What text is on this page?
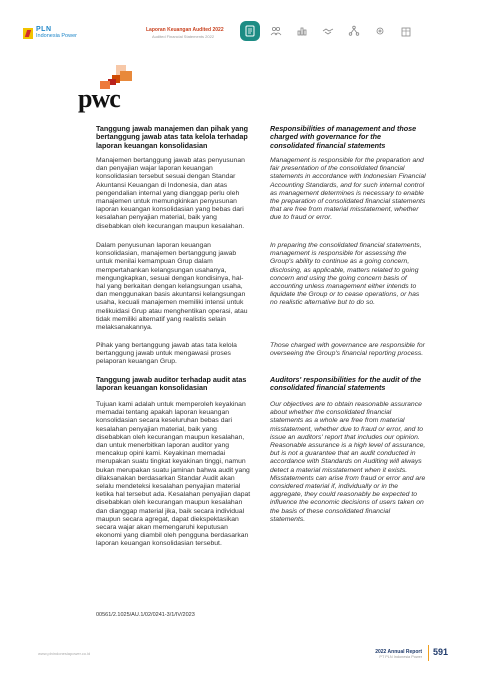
PLN
Indonesia Power
Laporan Keuangan Audited 2022
Audited Financial Statements 2022
pwc
Tanggung jawab manajemen dan pihak yang bertanggung jawab atas tata kelola terhadap laporan keuangan konsolidasian
Responsibilities of management and those charged with governance for the consolidated financial statements
Manajemen bertanggung jawab atas penyusunan dan penyajian wajar laporan keuangan konsolidasian tersebut sesuai dengan Standar Akuntansi Keuangan di Indonesia, dan atas pengendalian internal yang dianggap perlu oleh manajemen untuk memungkinkan penyusunan laporan keuangan konsolidasian yang bebas dari kesalahan penyajian material, baik yang disebabkan oleh kecurangan maupun kesalahan.
Management is responsible for the preparation and fair presentation of the consolidated financial statements in accordance with Indonesian Financial Accounting Standards, and for such internal control as management determines is necessary to enable the preparation of consolidated financial statements that are free from material misstatement, whether due to fraud or error.
Dalam penyusunan laporan keuangan konsolidasian, manajemen bertanggung jawab untuk menilai kemampuan Grup dalam mempertahankan kelangsungan usahanya, mengungkapkan, sesuai dengan kondisinya, hal-hal yang berkaitan dengan kelangsungan usaha, dan menggunakan basis akuntansi kelangsungan usaha, kecuali manajemen memiliki intensi untuk melikuidasi Grup atau menghentikan operasi, atau tidak memiliki alternatif yang realistis selain melaksanakannya.
In preparing the consolidated financial statements, management is responsible for assessing the Group's ability to continue as a going concern, disclosing, as applicable, matters related to going concern and using the going concern basis of accounting unless management either intends to liquidate the Group or to cease operations, or has no realistic alternative but to do so.
Pihak yang bertanggung jawab atas tata kelola bertanggung jawab untuk mengawasi proses pelaporan keuangan Grup.
Those charged with governance are responsible for overseeing the Group's financial reporting process.
Tanggung jawab auditor terhadap audit atas laporan keuangan konsolidasian
Auditors' responsibilities for the audit of the consolidated financial statements
Tujuan kami adalah untuk memperoleh keyakinan memadai tentang apakah laporan keuangan konsolidasian secara keseluruhan bebas dari kesalahan penyajian material, baik yang disebabkan oleh kecurangan maupun kesalahan, dan untuk menerbitkan laporan auditor yang mencakup opini kami. Keyakinan memadai merupakan suatu tingkat keyakinan tinggi, namun bukan merupakan suatu jaminan bahwa audit yang dilaksanakan berdasarkan Standar Audit akan selalu mendeteksi kesalahan penyajian material ketika hal tersebut ada. Kesalahan penyajian dapat disebabkan oleh kecurangan maupun kesalahan dan dianggap material jika, baik secara individual maupun secara agregat, dapat diekspektasikan secara wajar akan memengaruhi keputusan ekonomi yang diambil oleh pengguna berdasarkan laporan keuangan konsolidasian tersebut.
Our objectives are to obtain reasonable assurance about whether the consolidated financial statements as a whole are free from material misstatement, whether due to fraud or error, and to issue an auditors' report that includes our opinion. Reasonable assurance is a high level of assurance, but is not a guarantee that an audit conducted in accordance with Standards on Auditing will always detect a material misstatement when it exists. Misstatements can arise from fraud or error and are considered material if, individually or in the aggregate, they could reasonably be expected to influence the economic decisions of users taken on the basis of these consolidated financial statements.
00561/2.1025/AU.1/02/0241-3/1/IV/2023
www.plnindonesiapower.co.id	2022 Annual Report
PT PLN Indonesia Power 591
